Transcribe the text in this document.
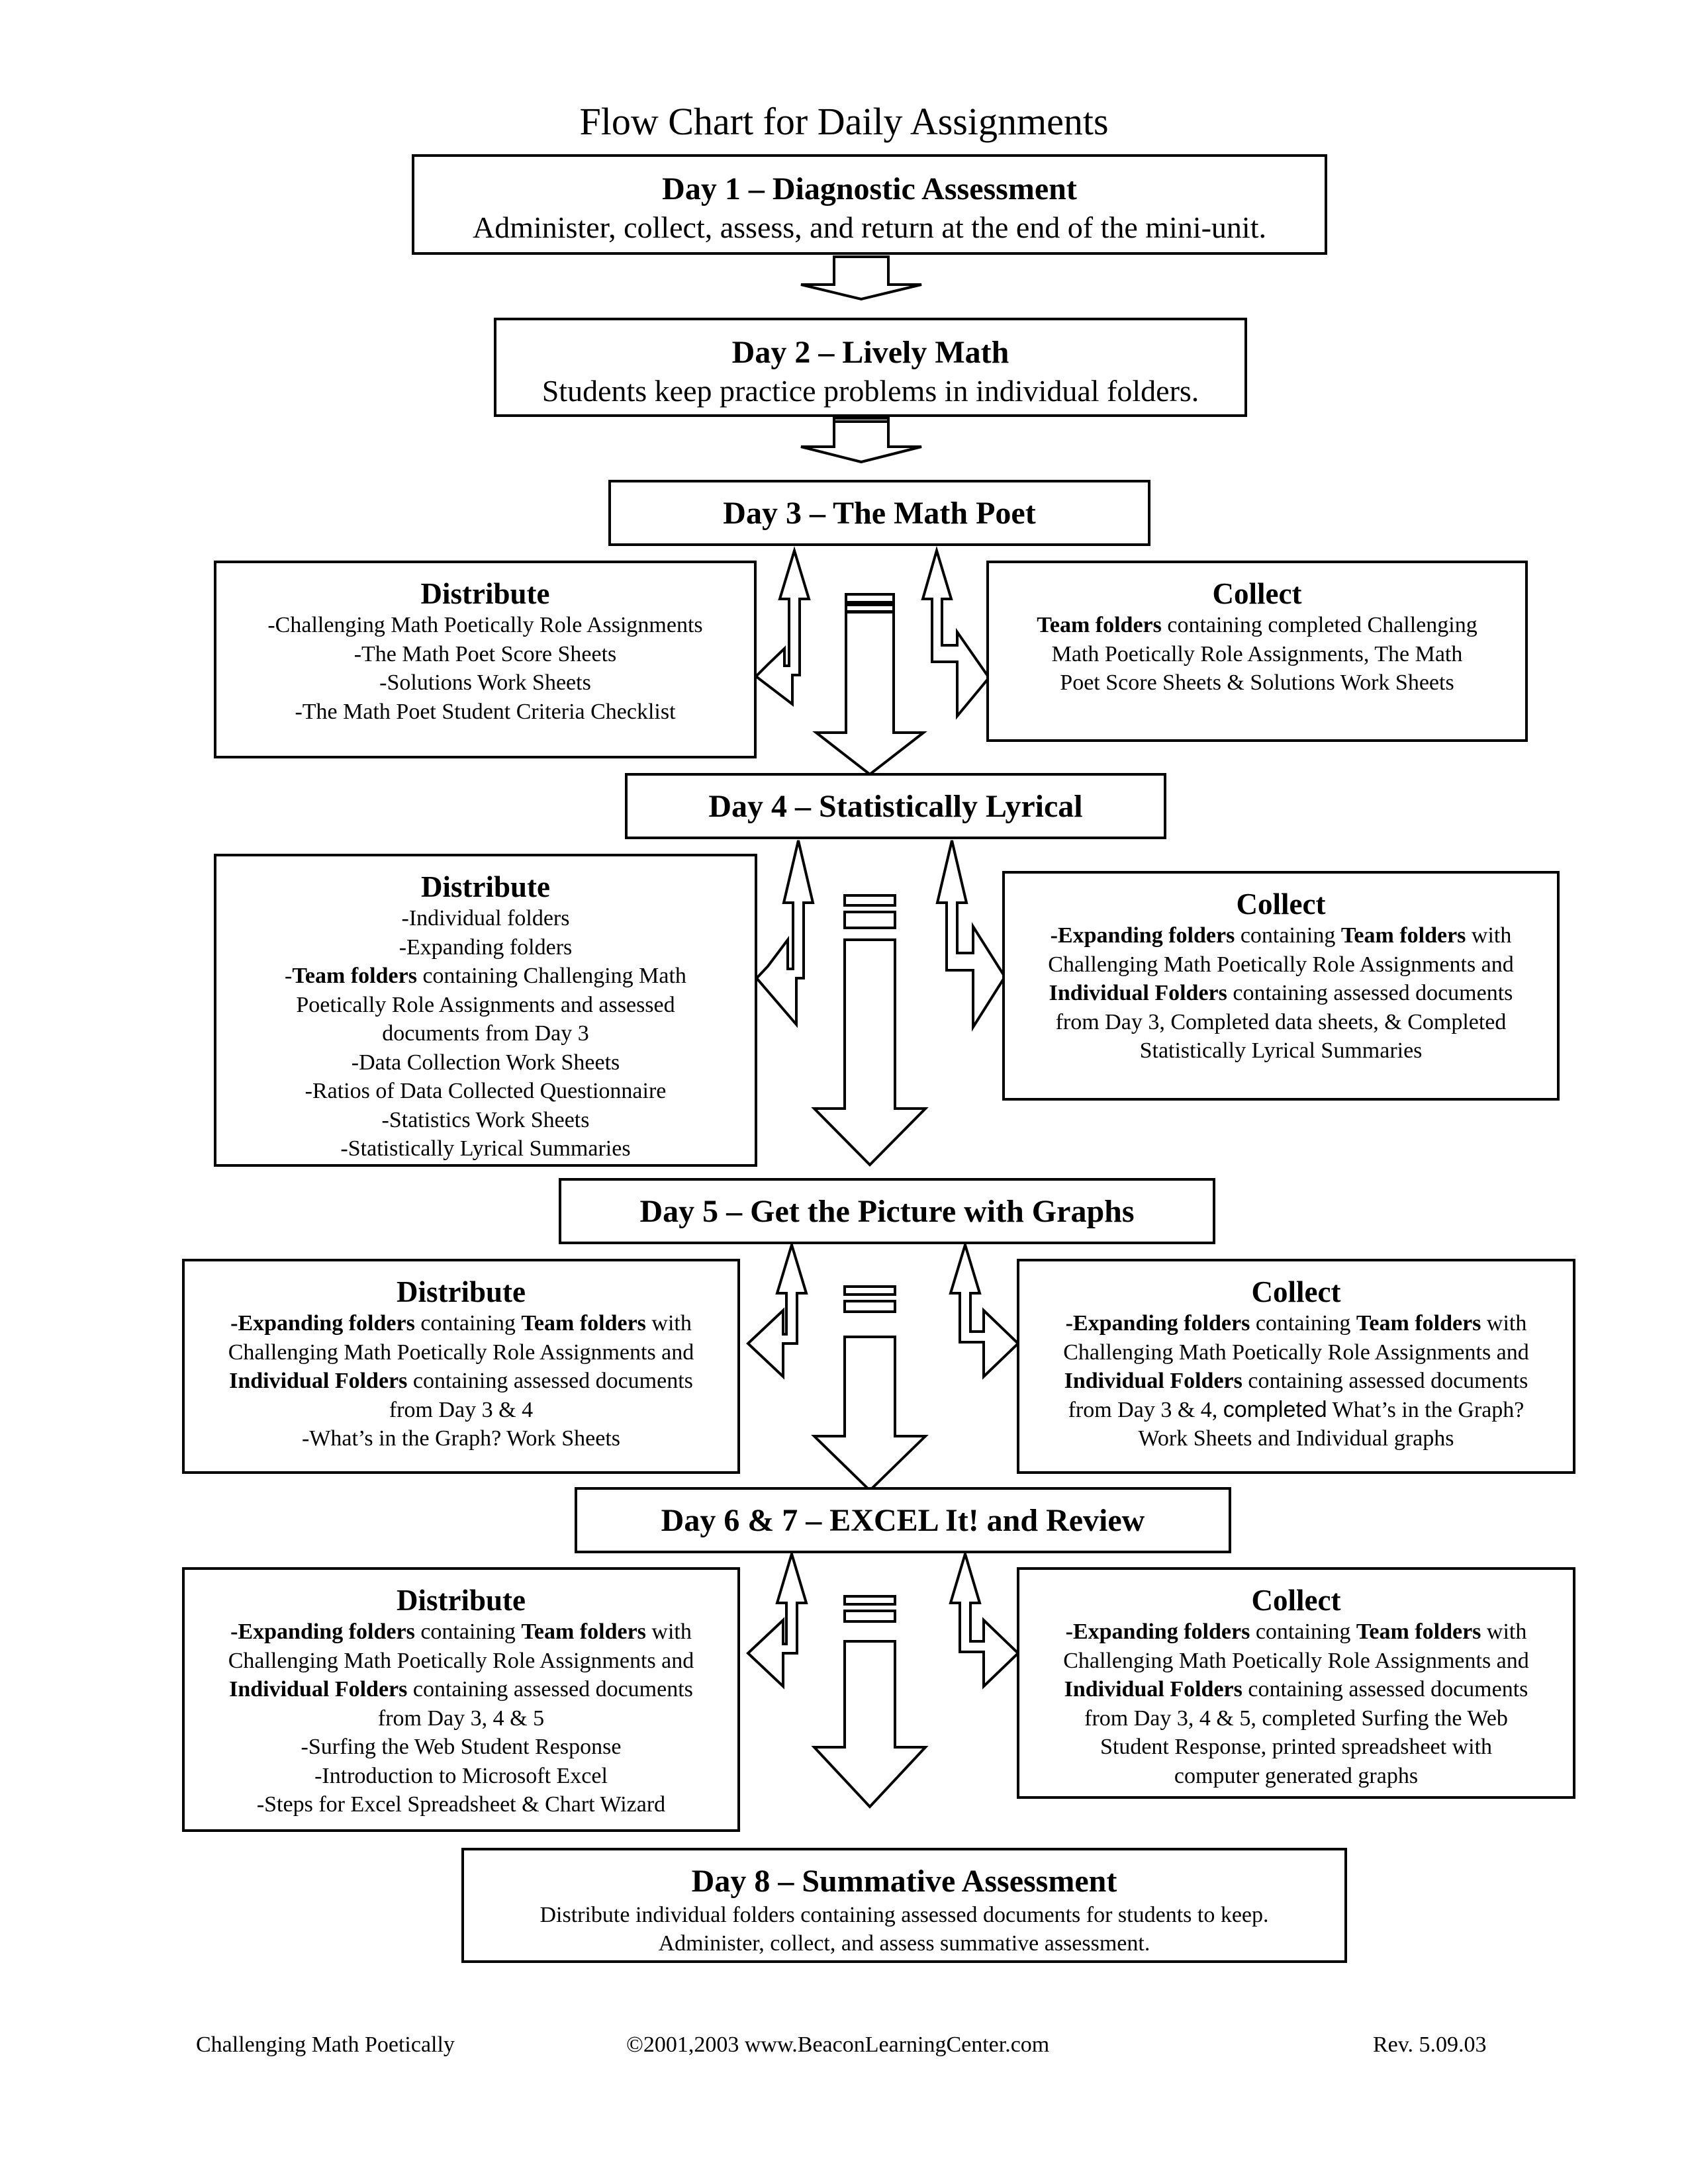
Flow Chart for Daily Assignments
Day 1 – Diagnostic Assessment
Administer, collect, assess, and return at the end of the mini-unit.
Day 2 – Lively Math
Students keep practice problems in individual folders.
Day 3 – The Math Poet
Distribute
-Challenging Math Poetically Role Assignments
-The Math Poet Score Sheets
-Solutions Work Sheets
-The Math Poet Student Criteria Checklist
Collect
Team folders containing completed Challenging
Math Poetically Role Assignments, The Math
Poet Score Sheets & Solutions Work Sheets
Day 4 – Statistically Lyrical
Distribute
-Individual folders
-Expanding folders
-Team folders containing Challenging Math
Poetically Role Assignments and assessed
documents from Day 3
-Data Collection Work Sheets
-Ratios of Data Collected Questionnaire
-Statistics Work Sheets
-Statistically Lyrical Summaries
Collect
-Expanding folders containing Team folders with
Challenging Math Poetically Role Assignments and
Individual Folders containing assessed documents
from Day 3, Completed data sheets, & Completed
Statistically Lyrical Summaries
Day 5 – Get the Picture with Graphs
Distribute
-Expanding folders containing Team folders with
Challenging Math Poetically Role Assignments and
Individual Folders containing assessed documents
from Day 3 & 4
-What’s in the Graph? Work Sheets
Collect
-Expanding folders containing Team folders with
Challenging Math Poetically Role Assignments and
Individual Folders containing assessed documents
from Day 3 & 4, completed What’s in the Graph?
Work Sheets and Individual graphs
Day 6 & 7 – EXCEL It! and Review
Distribute
-Expanding folders containing Team folders with
Challenging Math Poetically Role Assignments and
Individual Folders containing assessed documents
from Day 3, 4 & 5
-Surfing the Web Student Response
-Introduction to Microsoft Excel
-Steps for Excel Spreadsheet & Chart Wizard
Collect
-Expanding folders containing Team folders with
Challenging Math Poetically Role Assignments and
Individual Folders containing assessed documents
from Day 3, 4 & 5, completed Surfing the Web
Student Response, printed spreadsheet with
computer generated graphs
Day 8 – Summative Assessment
Distribute individual folders containing assessed documents for students to keep.
Administer, collect, and assess summative assessment.
Challenging Math Poetically	©2001,2003 www.BeaconLearningCenter.com	Rev. 5.09.03
